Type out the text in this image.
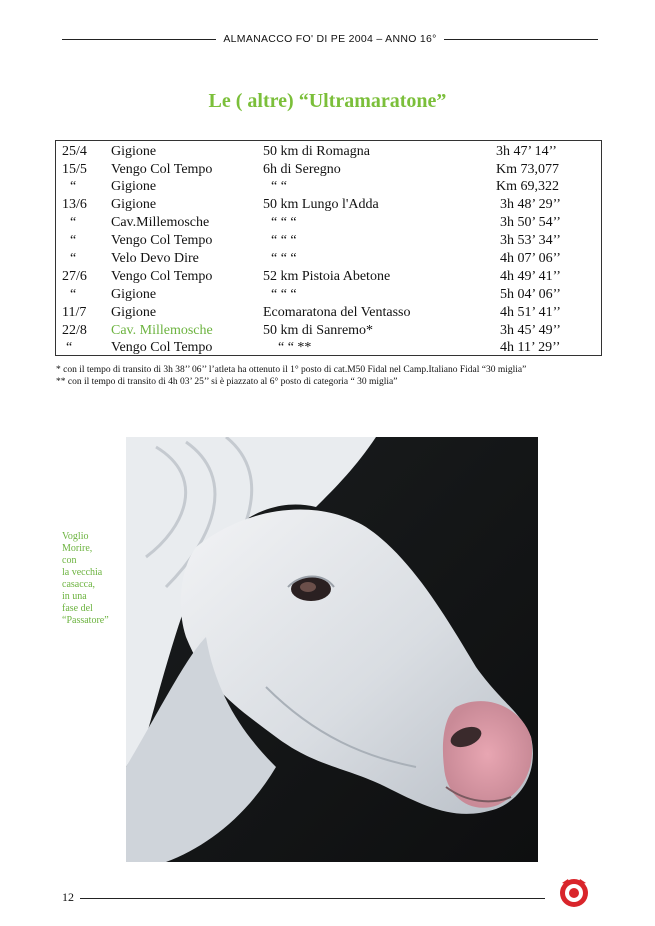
ALMANACCO FO' DI PE 2004 – ANNO 16°
Le ( altre) “Ultramaratone”
25/4 Gigione	50 km di Romagna	3h 47’ 14’’
15/5 Vengo Col Tempo	6h di Seregno	Km 73,077
“ Gigione	“ “	Km 69,322
13/6 Gigione	50 km Lungo l'Adda	3h 48’ 29’’
“ Cav.Millemosche	“ “ “	3h 50’ 54’’
“ Vengo Col Tempo	“ “ “	3h 53’ 34’’
“ Velo Devo Dire	“ “ “	4h 07’ 06’’
27/6 Vengo Col Tempo	52 km Pistoia Abetone	4h 49’ 41’’
“ Gigione	“ “ “	5h 04’ 06’’
11/7 Gigione	Ecomaratona del Ventasso	4h 51’ 41’’
22/8 Cav. Millemosche	50 km di Sanremo*	3h 45’ 49’’
“	Vengo Col Tempo	“ “ **	4h 11’ 29’’
* con il tempo di transito di 3h 38’’ 06’’ l’atleta ha ottenuto il 1° posto di cat.M50 Fidal nel Camp.Italiano Fidal “30 miglia”
** con il tempo di transito di 4h 03’ 25’’ si è piazzato al 6° posto di categoria “ 30 miglia”
Voglio
Morire,
con
la vecchia
casacca,
in una
fase del
“Passatore”
12
